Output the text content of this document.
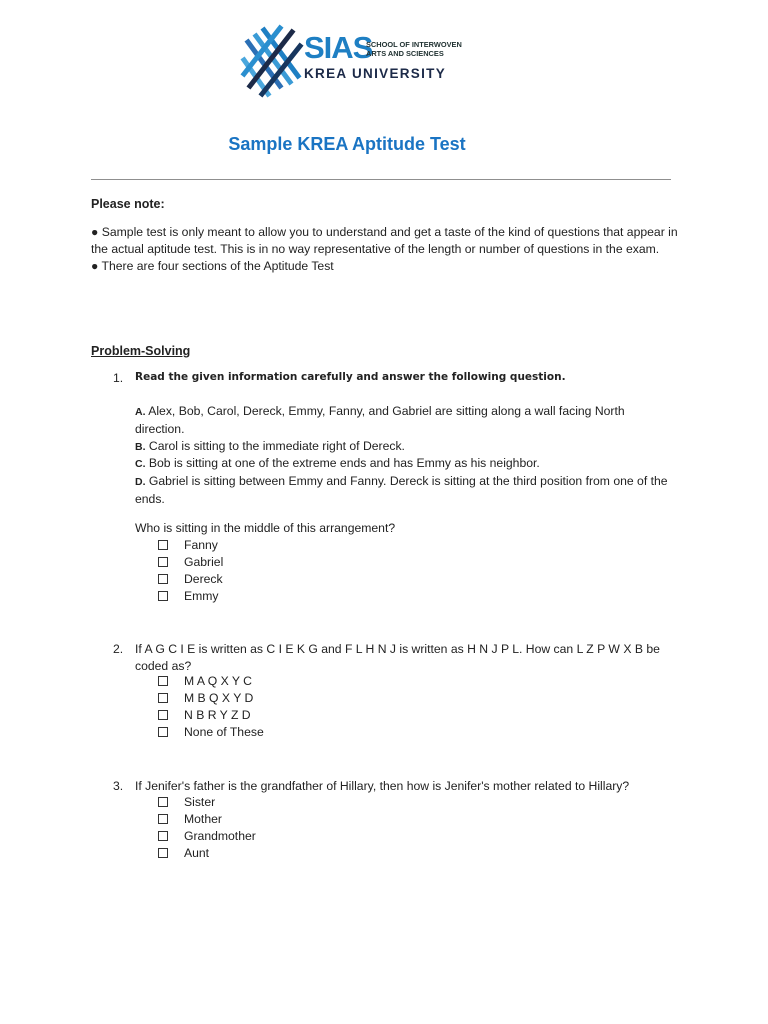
SIAS
SCHOOL OF INTERWOVEN
ARTS AND SCIENCES
KREA UNIVERSITY
Sample KREA Aptitude Test
Please note:
● Sample test is only meant to allow you to understand and get a taste of the kind of questions that appear in the actual aptitude test. This is in no way representative of the length or number of questions in the exam.
● There are four sections of the Aptitude Test
Problem-Solving
1. Read the given information carefully and answer the following question.
A. Alex, Bob, Carol, Dereck, Emmy, Fanny, and Gabriel are sitting along a wall facing North direction.
B. Carol is sitting to the immediate right of Dereck.
C. Bob is sitting at one of the extreme ends and has Emmy as his neighbor.
D. Gabriel is sitting between Emmy and Fanny. Dereck is sitting at the third position from one of the ends.
Who is sitting in the middle of this arrangement?
Fanny
Gabriel
Dereck
Emmy
2. If A G C I E is written as C I E K G and F L H N J is written as H N J P L. How can L Z P W X B be coded as?
M A Q X Y C
M B Q X Y D
N B R Y Z D
None of These
3. If Jenifer's father is the grandfather of Hillary, then how is Jenifer's mother related to Hillary?
Sister
Mother
Grandmother
Aunt
